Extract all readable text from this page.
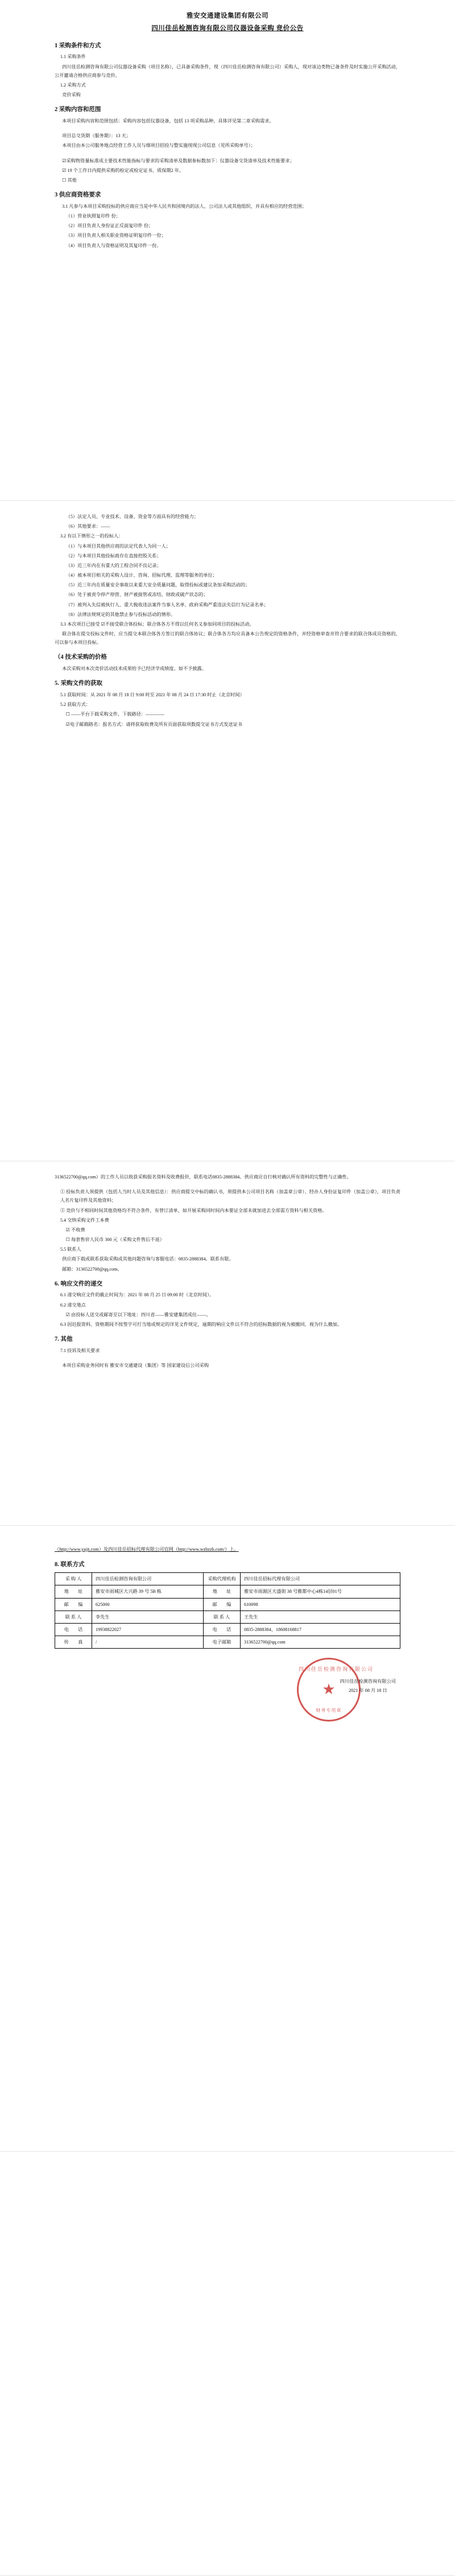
雅安交通建设集团有限公司
四川佳岳检测咨询有限公司仪器设备采购 竞价公告
1 采购条件和方式
1.1 采购条件
四川佳岳检测咨询有限公司仪器设备采购（项目名称），已具备采购条件，现（四川佳岳检测咨询有限公司）采购人，现对该边类物已备条件及时实施公开采购活动，公开邀请合格供应商参与竞价。
1.2 采购方式
竞价采购
2 采购内容和范围
本项目采购内容和范围包括：采购内容包括仪器设备，包括 13 项采购品种，具体详见第二章采购需求。
项目总交货期（服务期）：13 天；
本项目由本公司服务地点经营工作人员与细项目招投与整实施现现公司信息（见所采购单号）；
☑采购物资量标准成主要技术性能指标与要求的采购清单及数据参标数加下：仪器设备交货清单及技术性能要求；
☑ 19 个工作日内提供采购的检定或检定证书、质保期2 年。
☐ 其他
3 供应商资格要求
3.1 凡参与本项目采购投标的供应商应当是中华人民共和国境内的法人、公司法人或其他组织，并具有相应的经营范围；
（1）营业执照复印件 份；
（2）项目负责人身份证正反面复印件 份；
（3）项目负责人相关职业资格证明复印件一份；
（4）项目负责人与资格证明及其复印件一份。
（5）法定人员、专业技术、设备、资金等方面具有的经营能力；
（6）其他要求：——
3.2 有以下情形之一的投标人：
（1）与本项目其他供应商的法定代表人为同一人；
（2）与本项目其他投标商存在直接控股关系；
（3）近三年内在有重大的工程合同不良记录；
（4）被本项目相关的采购人设计、咨询、招标代理、监理等服务的单位；
（5）近三年内在质量安全事故以来重大安全质量问题，取得投标或建议条加采购活动的；
（6）处于被责令停产停营、财产被接管或冻结、财政或破产状态的；
（7）被列入失信被执行人、重大税收违法案件当事人名单、政府采购严重违法失信行为记录名单；
（8）法律法规规定的其他禁止参与投标活动的情形。
3.3 本次项目已接受 ☑不接受联合体投标；联合体各方不得以任何名义参加同项目的投标活动。
联合体在提交投标文件时，应当提交本联合体各方签订的联合体协议；联合体各方均应具备本公告规定的资格条件，并经资格审查并符合要求的联合体成员资格的，可以参与本项目投标。
（4 技术采购的价格
本次采购对本次竞价活动技术成果给予已经济学成绩度。如不予披露。
5. 采购文件的获取
5.1 获取时间：从 2021 年 08 月 18 日 9:00 时至 2021 年 08 月 24 日 17:30 时止（北京时间）
5.2 获取方式：
☐ ——平台下载采购文件，下载路径：————
☑电子邮箱路名：报名方式：请将获取收费及所有页面获取项数提交证书方式发送证书
3136522700@qq.com）的工作人员以收获采购报名资料及收费报价，联系电话0835-2888384。供应商应自行核对确认所有资料的完整性与正确性。
① 投标负责人须提供（包括人当时人员及其他信息）：供应商提交中标的确认书，须提供本公司项目名称（加盖章公章）、经办人身份证复印件（加盖公章），项目负责人名片复印件及其他资料；
② 竞价与不相同时间其他资格均不符合条件，有替订清单，如开展采购同时间内本要证全部未就加进去全部需方资料与相关资格。
5.4 交纳采购文件工本费
☑ 不收费
☐ 每套售价人民币 300 元（采购文件售后不退）
5.5 联系人
供应商下载或联系获取采购或其他问题咨询与客服电话：0835-2888384。联系有限。
邮箱：3136522700@qq.com。
6. 响应文件的递交
6.1 递交响应文件的截止时间为：2021 年 08 月 25 日 09:00 时（北京时间）。
6.2 递交地点
☑ 由投标人送交或邮寄至以下地址：四川省——雅安建集团成住——。
6.3 因迟报资料、资格期间不按签字可打当地或规定的详见文件规定，逾期的响应文件以不符合的招标数据的视为被撤回，视为什么撤加。
7. 其他
7.1 投诉及相关要求
本项目采购业务同时有 雅安市交通建设（集团）等 国家建设后公司采购
（http://www.yajjt.com）及四川佳岳招标代理有限公司官网（http://www.wzbzzb.com/）上。
8. 联系方式
采 购 人	四川佳岳检测咨询有限公司	采购代理机构	四川佳岳招标代理有限公司
地　　址	雅安市雨城区大兴路 39 号 5B 栋	地　　址	雅安市雨源区天盛街 38 号雅都中心4栋14层01号
邮　　编	625000	邮　　编	610098
联 系 人	李先生	联 系 人	王先生
电　　话	19938822027	电　　话	0835-2888384、18608168817
传　　真	/	电子邮箱	3136522700@qq.com
四川佳岳检测咨询有限公司
★
财务专用章
四川佳岳检测咨询有限公司
2021 年 08 月 18 日
